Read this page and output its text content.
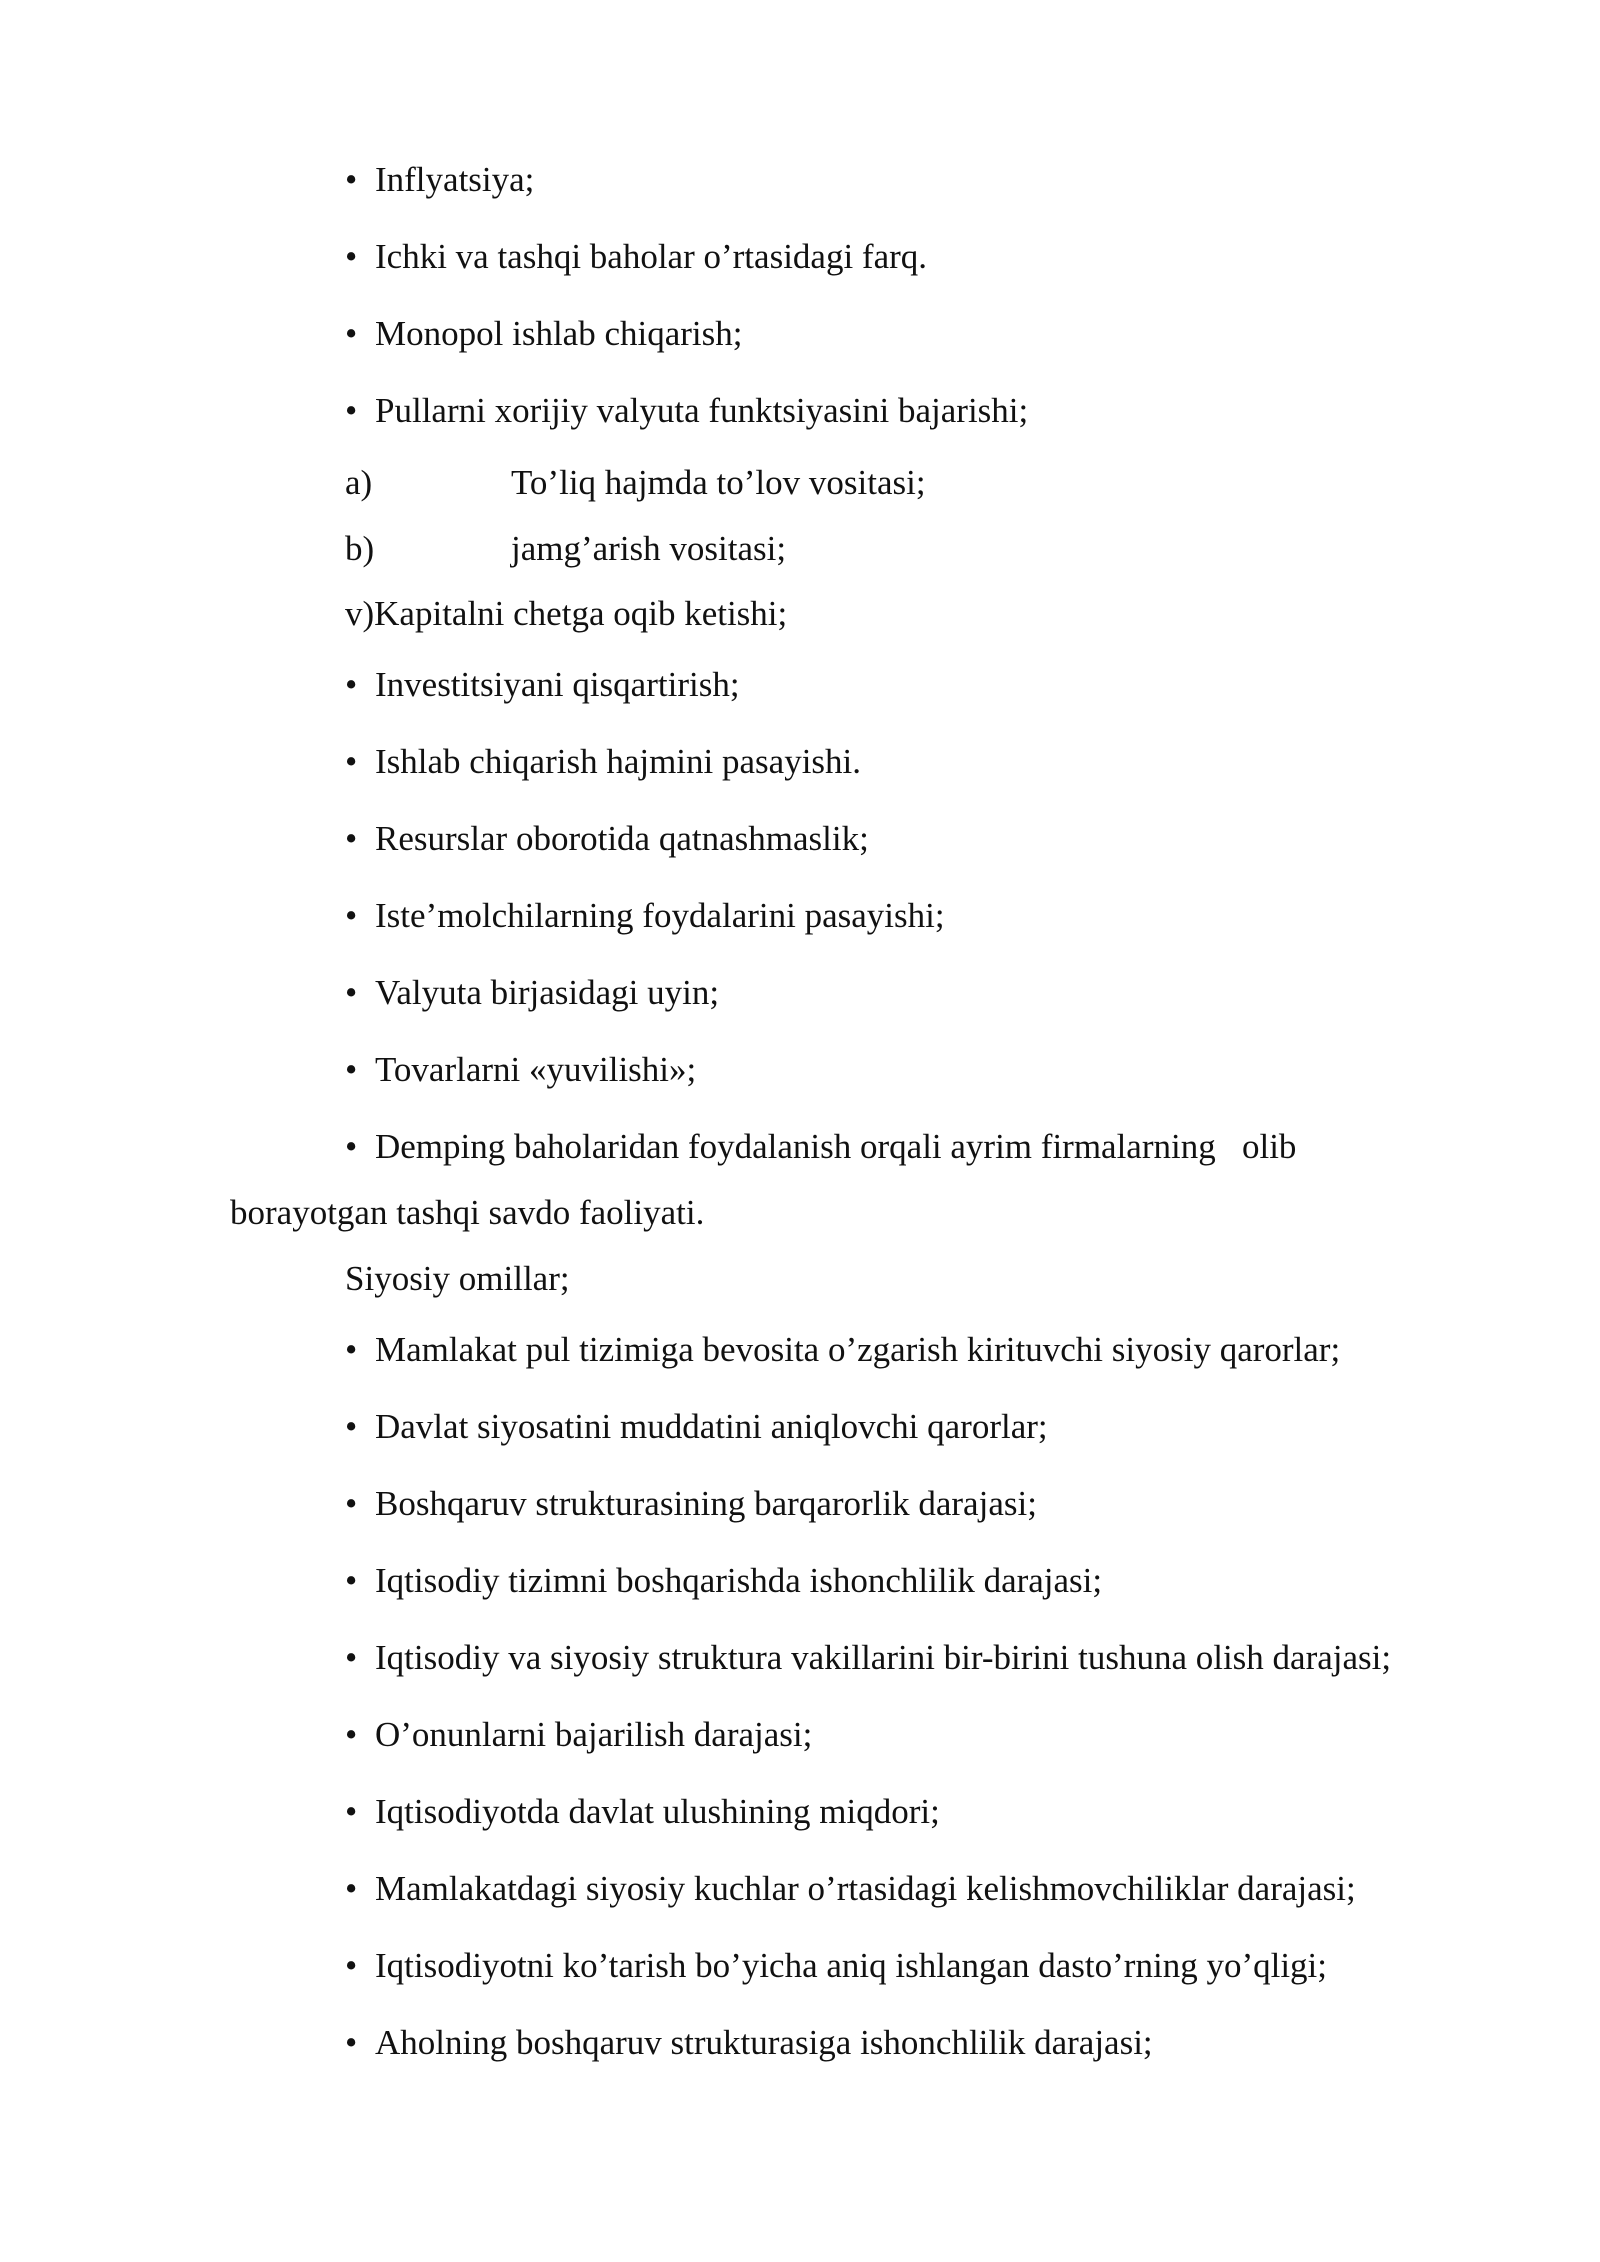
• Inflyatsiya;
• Ichki va tashqi baholar o’rtasidagi farq.
• Monopol ishlab chiqarish;
• Pullarni xorijiy valyuta funktsiyasini bajarishi;
a)	To’liq hajmda to’lov vositasi;
b)	jamg’arish vositasi;
v)Kapitalni chetga oqib ketishi;
• Investitsiyani qisqartirish;
• Ishlab chiqarish hajmini pasayishi.
• Resurslar oborotida qatnashmaslik;
• Iste’molchilarning foydalarini pasayishi;
• Valyuta birjasidagi uyin;
• Tovarlarni «yuvilishi»;
• Demping baholaridan foydalanish orqali ayrim firmalarning   olib
borayotgan tashqi savdo faoliyati.
Siyosiy omillar;
• Mamlakat pul tizimiga bevosita o’zgarish kirituvchi siyosiy qarorlar;
• Davlat siyosatini muddatini aniqlovchi qarorlar;
• Boshqaruv strukturasining barqarorlik darajasi;
• Iqtisodiy tizimni boshqarishda ishonchlilik darajasi;
• Iqtisodiy va siyosiy struktura vakillarini bir-birini tushuna olish darajasi;
• O’onunlarni bajarilish darajasi;
• Iqtisodiyotda davlat ulushining miqdori;
• Mamlakatdagi siyosiy kuchlar o’rtasidagi kelishmovchiliklar darajasi;
• Iqtisodiyotni ko’tarish bo’yicha aniq ishlangan dasto’rning yo’qligi;
• Aholning boshqaruv strukturasiga ishonchlilik darajasi;
